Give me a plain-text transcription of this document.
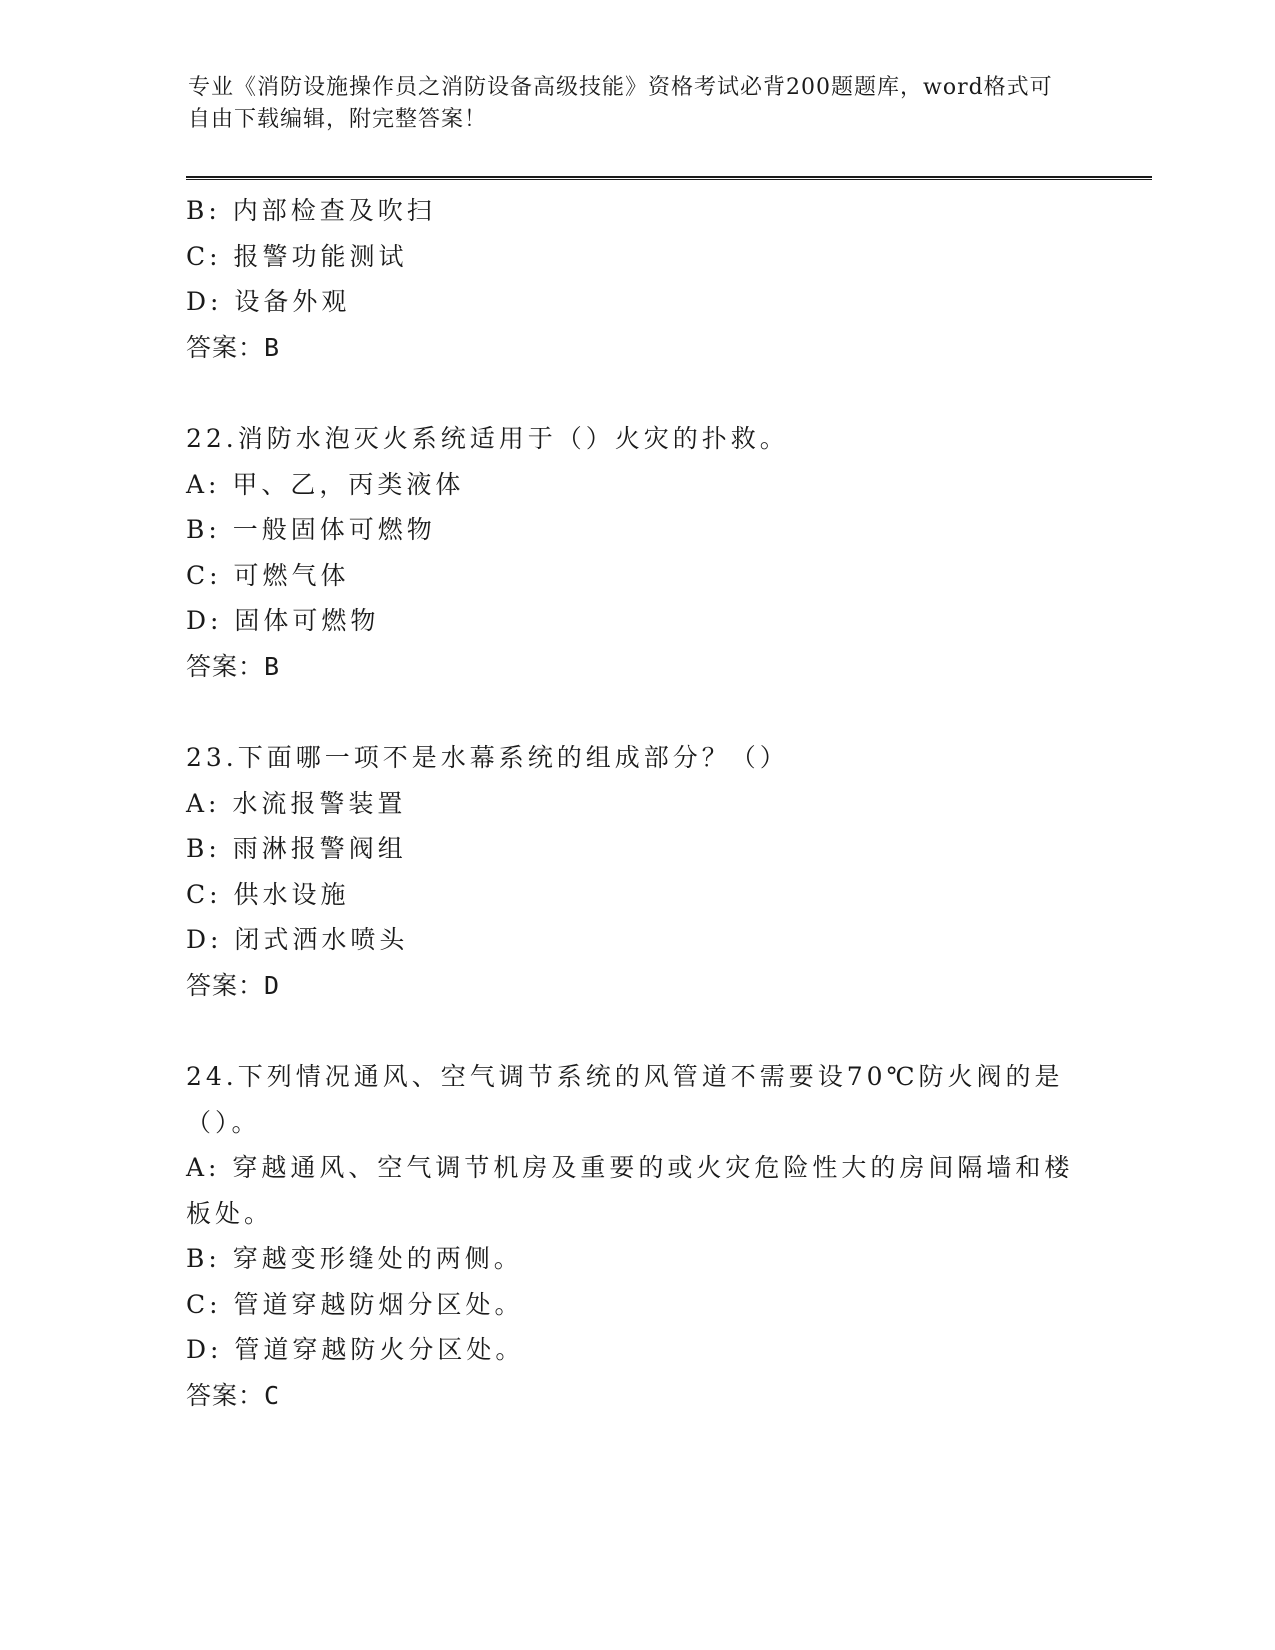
专业《消防设施操作员之消防设备高级技能》资格考试必背200题题库，word格式可自由下载编辑，附完整答案！
B: 内部检查及吹扫
C: 报警功能测试
D: 设备外观
答案：B
22.消防水泡灭火系统适用于（）火灾的扑救。
A: 甲、乙，丙类液体
B: 一般固体可燃物
C: 可燃气体
D: 固体可燃物
答案：B
23.下面哪一项不是水幕系统的组成部分？（）
A: 水流报警装置
B: 雨淋报警阀组
C: 供水设施
D: 闭式洒水喷头
答案：D
24.下列情况通风、空气调节系统的风管道不需要设70℃防火阀的是（）。
A: 穿越通风、空气调节机房及重要的或火灾危险性大的房间隔墙和楼板处。
B: 穿越变形缝处的两侧。
C: 管道穿越防烟分区处。
D: 管道穿越防火分区处。
答案：C
